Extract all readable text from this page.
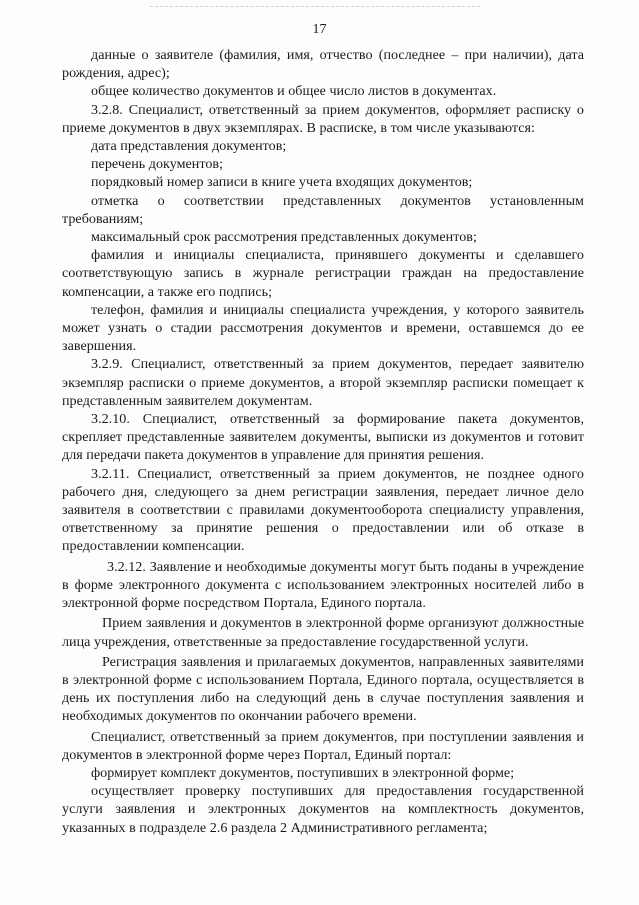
17

данные о заявителе (фамилия, имя, отчество (последнее – при наличии), дата рождения, адрес);

общее количество документов и общее число листов в документах.

3.2.8. Специалист, ответственный за прием документов, оформляет расписку о приеме документов в двух экземплярах. В расписке, в том числе указываются:

дата представления документов;

перечень документов;

порядковый номер записи в книге учета входящих документов;

отметка о соответствии представленных документов установленным требованиям;

максимальный срок рассмотрения представленных документов;

фамилия и инициалы специалиста, принявшего документы и сделавшего соответствующую запись в журнале регистрации граждан на предоставление компенсации, а также его подпись;

телефон, фамилия и инициалы специалиста учреждения, у которого заявитель может узнать о стадии рассмотрения документов и времени, оставшемся до ее завершения.

3.2.9. Специалист, ответственный за прием документов, передает заявителю экземпляр расписки о приеме документов, а второй экземпляр расписки помещает к представленным заявителем документам.

3.2.10. Специалист, ответственный за формирование пакета документов, скрепляет представленные заявителем документы, выписки из документов и готовит для передачи пакета документов в управление для принятия решения.

3.2.11. Специалист, ответственный за прием документов, не позднее одного рабочего дня, следующего за днем регистрации заявления, передает личное дело заявителя в соответствии с правилами документооборота специалисту управления, ответственному за принятие решения о предоставлении или об отказе в предоставлении компенсации.

3.2.12. Заявление и необходимые документы могут быть поданы в учреждение в форме электронного документа с использованием электронных носителей либо в электронной форме посредством Портала, Единого портала.

Прием заявления и документов в электронной форме организуют должностные лица учреждения, ответственные за предоставление государственной услуги.

Регистрация заявления и прилагаемых документов, направленных заявителями в электронной форме с использованием Портала, Единого портала, осуществляется в день их поступления либо на следующий день в случае поступления заявления и необходимых документов по окончании рабочего времени.

Специалист, ответственный за прием документов, при поступлении заявления и документов в электронной форме через Портал, Единый портал:

формирует комплект документов, поступивших в электронной форме;

осуществляет проверку поступивших для предоставления государственной услуги заявления и электронных документов на комплектность документов, указанных в подразделе 2.6 раздела 2 Административного регламента;
